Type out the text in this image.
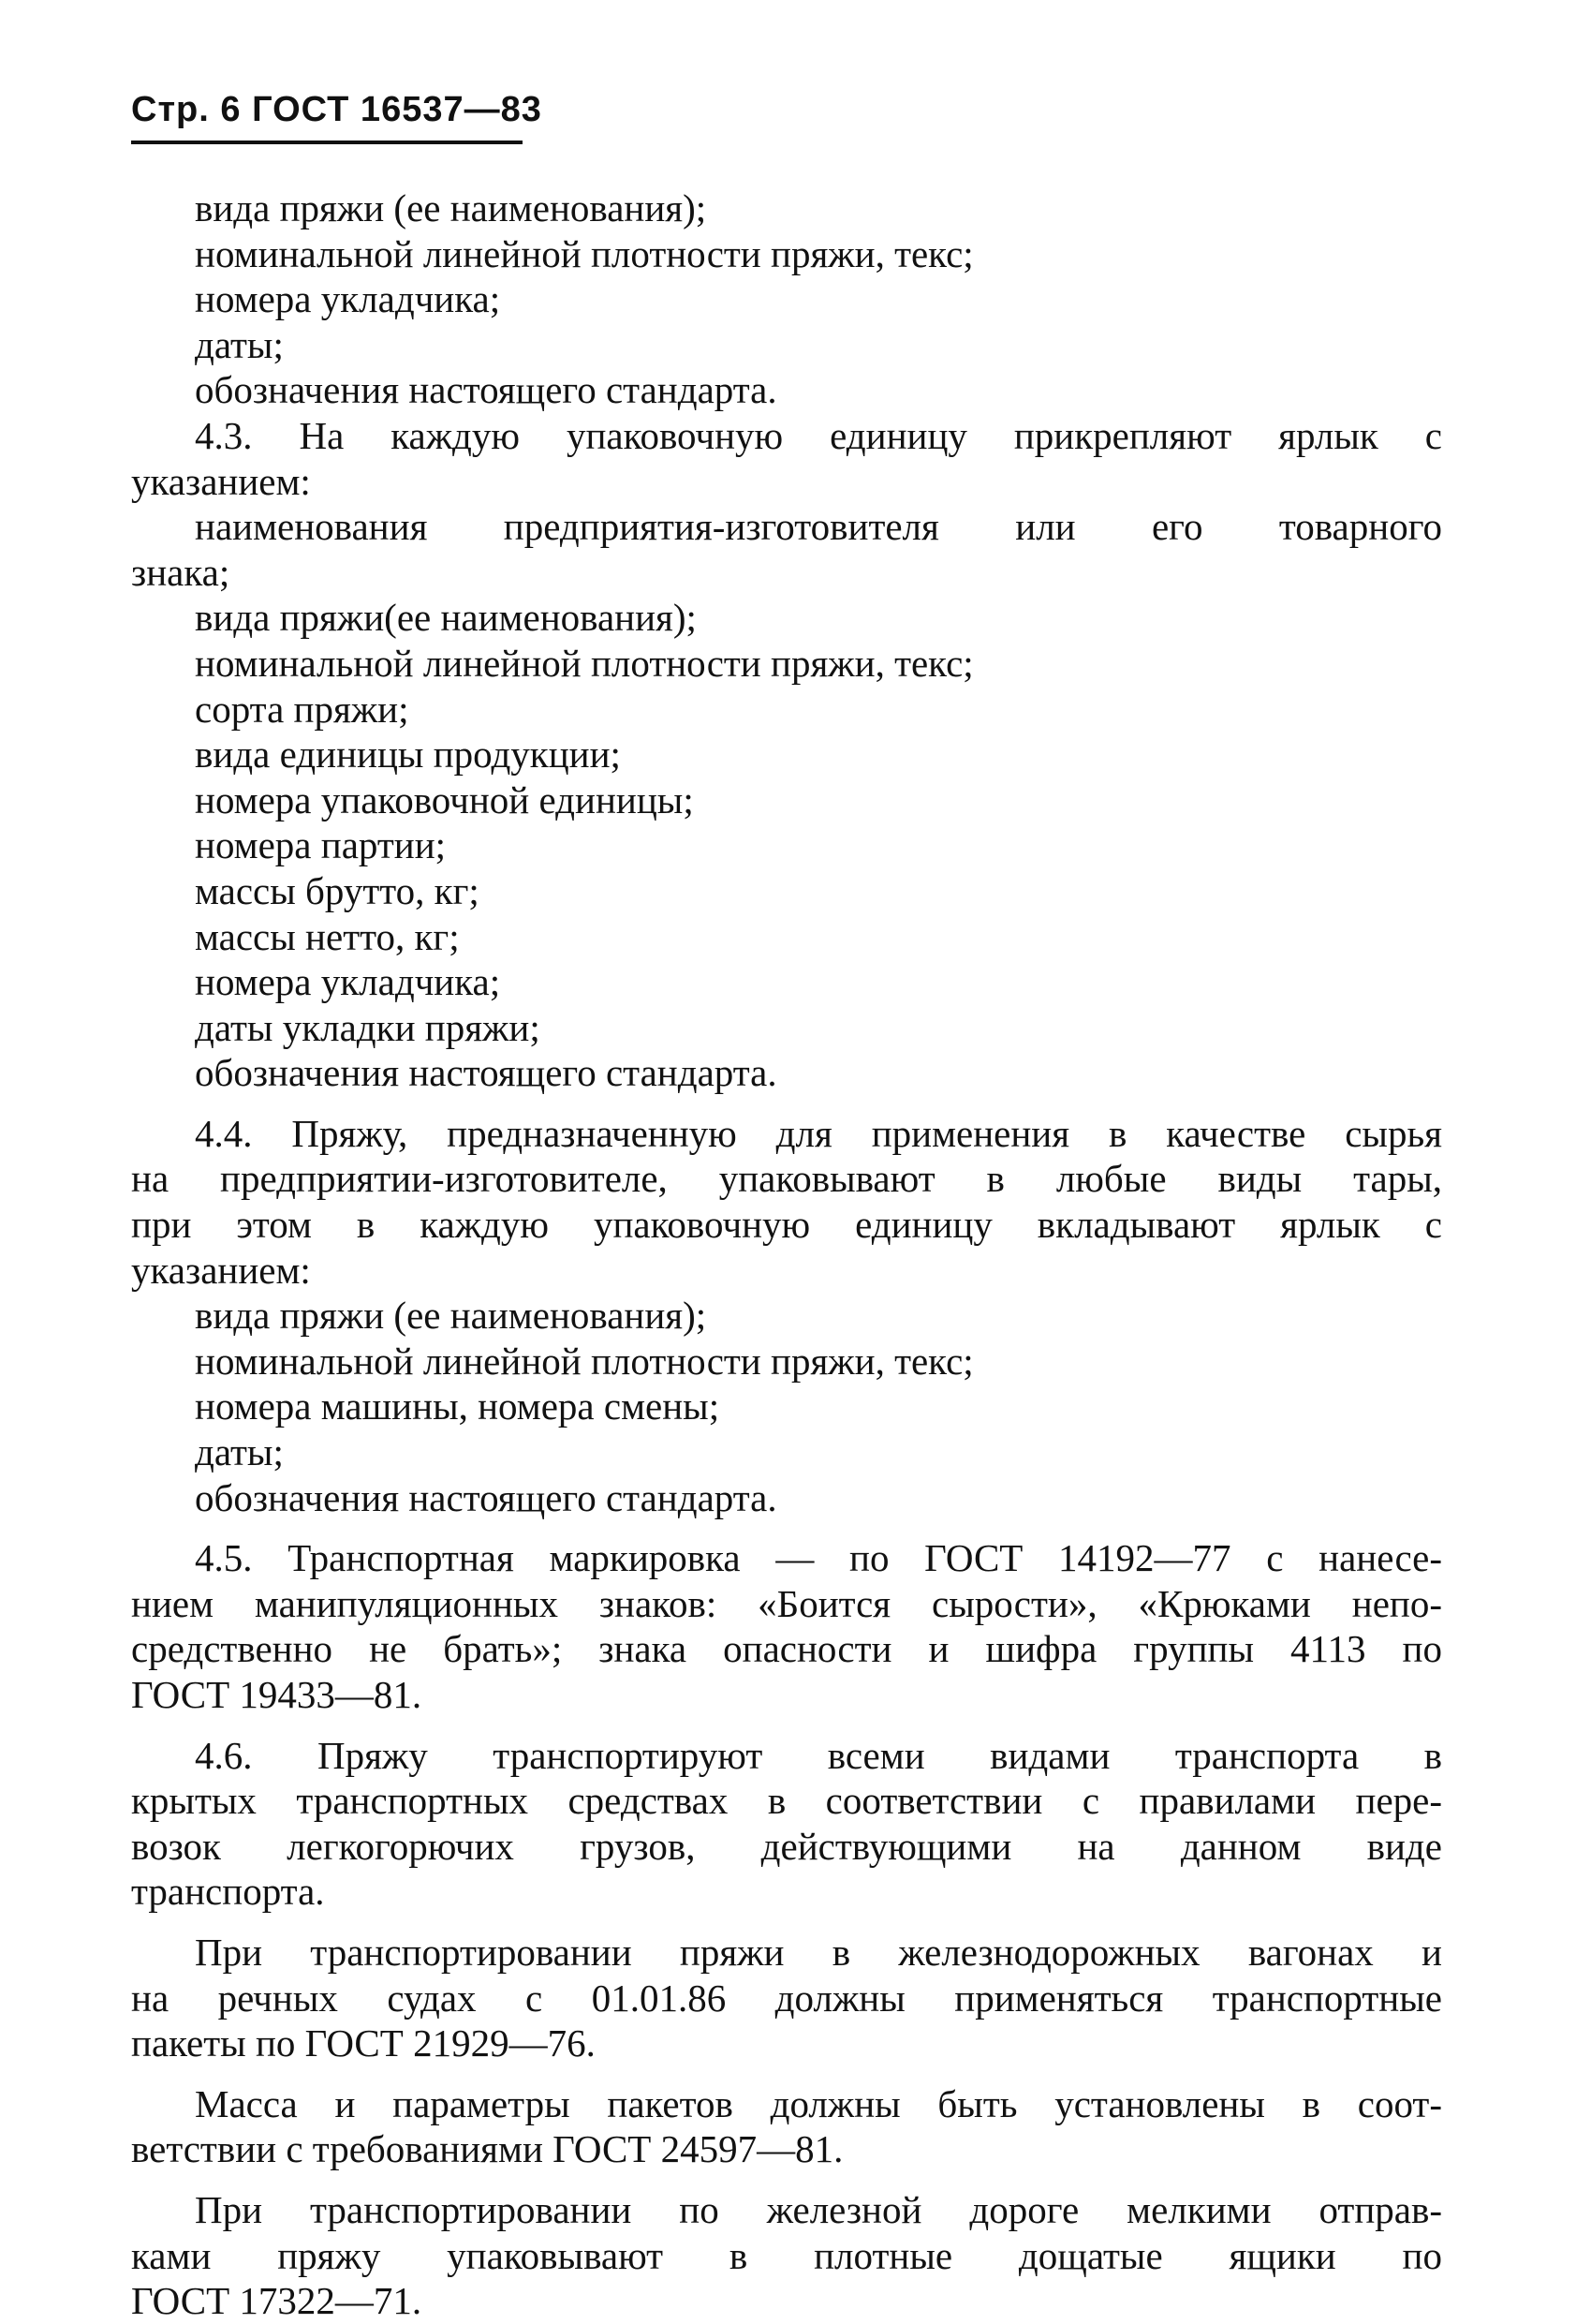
Стр. 6 ГОСТ 16537—83
вида пряжи (ее наименования);
номинальной линейной плотности пряжи, текс;
номера укладчика;
даты;
обозначения настоящего стандарта.
4.3. На каждую упаковочную единицу прикрепляют ярлык с
указанием:
наименования предприятия-изготовителя или его товарного
знака;
вида пряжи(ее наименования);
номинальной линейной плотности пряжи, текс;
сорта пряжи;
вида единицы продукции;
номера упаковочной единицы;
номера партии;
массы брутто, кг;
массы нетто, кг;
номера укладчика;
даты укладки пряжи;
обозначения настоящего стандарта.
4.4. Пряжу, предназначенную для применения в качестве сырья
на предприятии-изготовителе, упаковывают в любые виды тары,
при этом в каждую упаковочную единицу вкладывают ярлык с
указанием:
вида пряжи (ее наименования);
номинальной линейной плотности пряжи, текс;
номера машины, номера смены;
даты;
обозначения настоящего стандарта.
4.5. Транспортная маркировка — по ГОСТ 14192—77 с нанесе-
нием манипуляционных знаков: «Боится сырости», «Крюками непо-
средственно не брать»; знака опасности и шифра группы 4113 по
ГОСТ 19433—81.
4.6. Пряжу транспортируют всеми видами транспорта в
крытых транспортных средствах в соответствии с правилами пере-
возок легкогорючих грузов, действующими на данном виде
транспорта.
При транспортировании пряжи в железнодорожных вагонах и
на речных судах с 01.01.86 должны применяться транспортные
пакеты по ГОСТ 21929—76.
Масса и параметры пакетов должны быть установлены в соот-
ветствии с требованиями ГОСТ 24597—81.
При транспортировании по железной дороге мелкими отправ-
ками пряжу упаковывают в плотные дощатые ящики по
ГОСТ 17322—71.
